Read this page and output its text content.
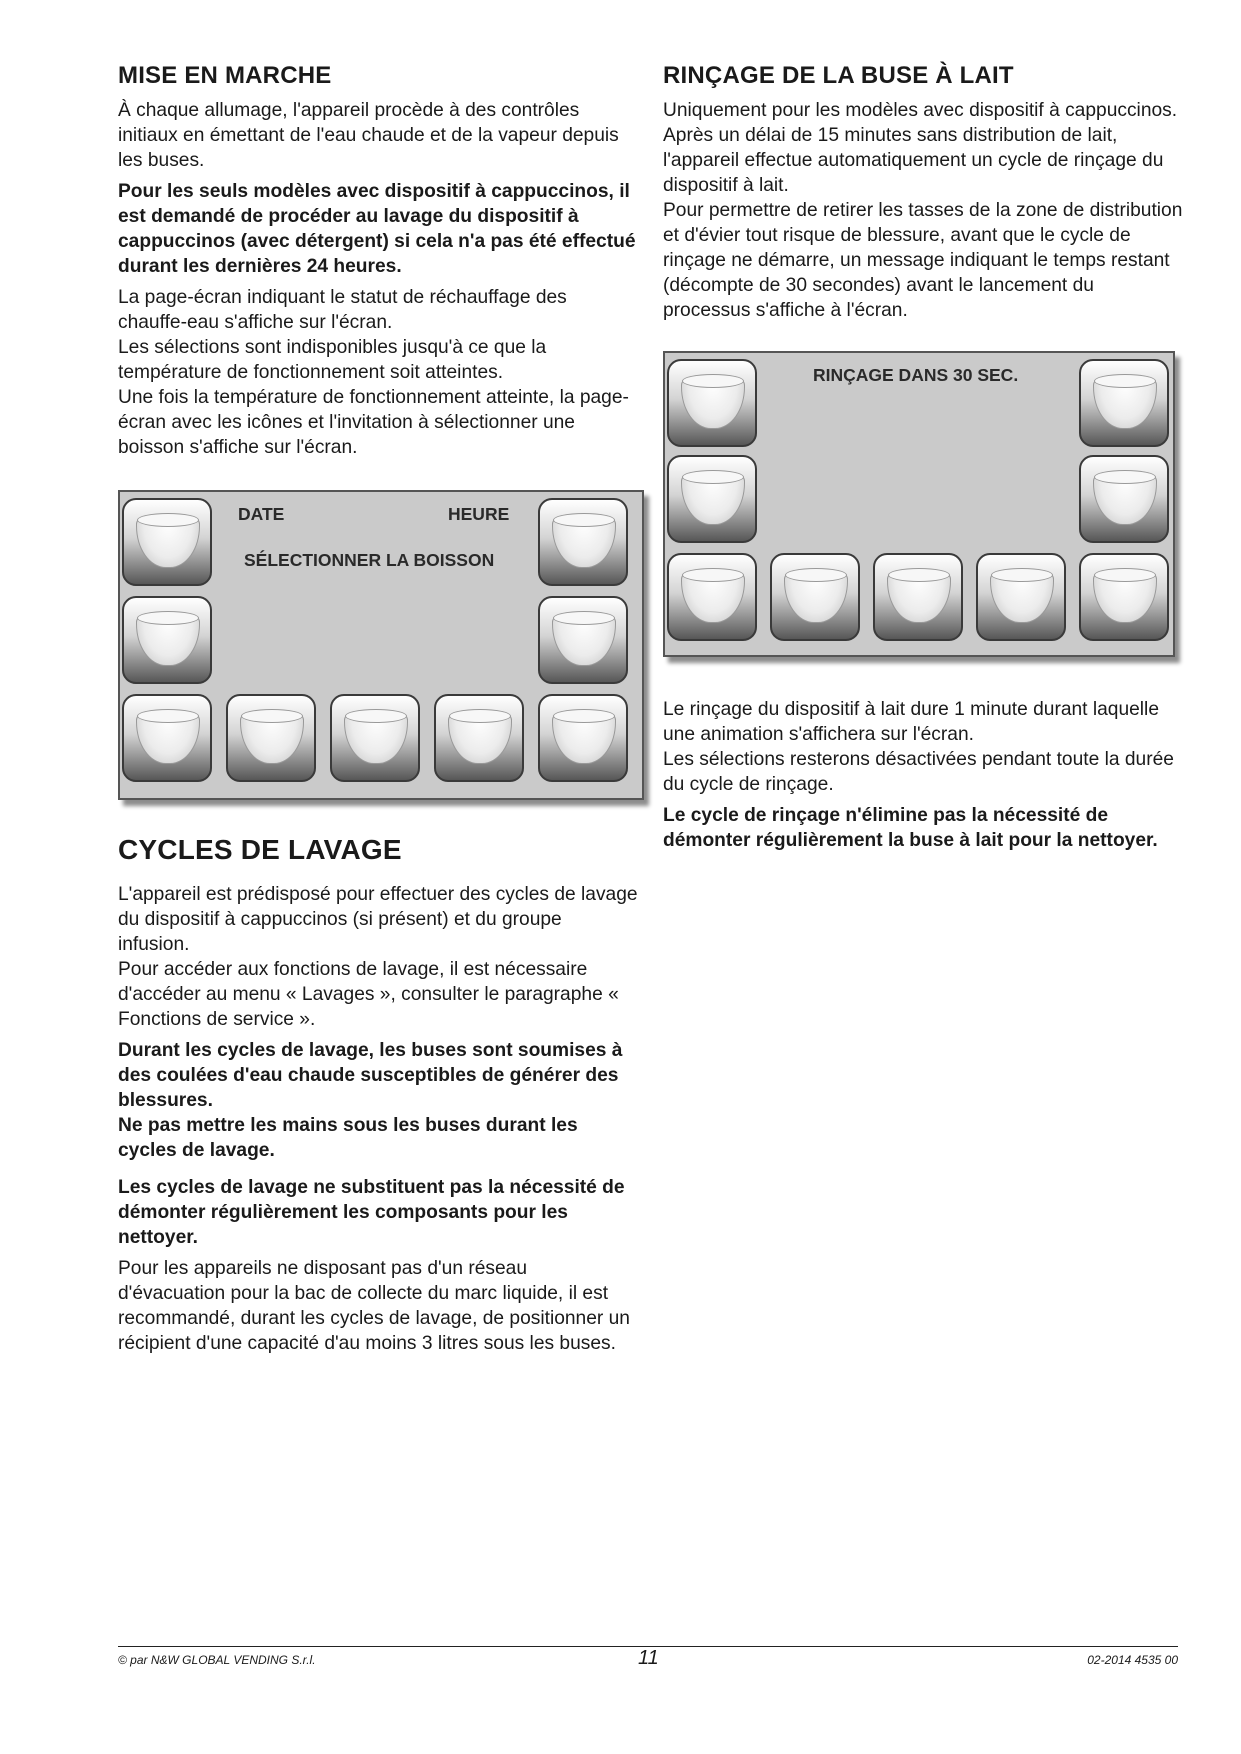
MISE EN MARCHE

À chaque allumage, l'appareil procède à des contrôles initiaux en émettant de l'eau chaude et de la vapeur depuis les buses.

Pour les seuls modèles avec dispositif à cappuccinos, il est demandé de procéder au lavage du dispositif à cappuccinos (avec détergent) si cela n'a pas été effectué durant les dernières 24 heures.

La page-écran indiquant le statut de réchauffage des chauffe-eau s'affiche sur l'écran.

Les sélections sont indisponibles jusqu'à ce que la température de fonctionnement soit atteintes.

Une fois la température de fonctionnement atteinte, la page-écran avec les icônes et l'invitation à sélectionner une boisson s'affiche sur l'écran.

DATE	HEURE
SÉLECTIONNER LA BOISSON
CYCLES DE LAVAGE

L'appareil est prédisposé pour effectuer des cycles de lavage du dispositif à cappuccinos (si présent) et du groupe infusion.

Pour accéder aux fonctions de lavage, il est nécessaire d'accéder au menu « Lavages », consulter le paragraphe « Fonctions de service ».

Durant les cycles de lavage, les buses sont soumises à des coulées d'eau chaude susceptibles de générer des blessures.

Ne pas mettre les mains sous les buses durant les cycles de lavage.

Les cycles de lavage ne substituent pas la nécessité de démonter régulièrement les composants pour les nettoyer.

Pour les appareils ne disposant pas d'un réseau d'évacuation pour la bac de collecte du marc liquide, il est recommandé, durant les cycles de lavage, de positionner un récipient d'une capacité d'au moins 3 litres sous les buses.

RINÇAGE DE LA BUSE À LAIT

Uniquement pour les modèles avec dispositif à cappuccinos.

Après un délai de 15 minutes sans distribution de lait, l'appareil effectue automatiquement un cycle de rinçage du dispositif à lait.

Pour permettre de retirer les tasses de la zone de distribution et d'évier tout risque de blessure, avant que le cycle de rinçage ne démarre, un message indiquant le temps restant (décompte de 30 secondes) avant le lancement du processus s'affiche à l'écran.

RINÇAGE DANS 30 SEC.

Le rinçage du dispositif à lait dure 1 minute durant laquelle une animation s'affichera sur l'écran.

Les sélections resterons désactivées pendant toute la durée du cycle de rinçage.

Le cycle de rinçage n'élimine pas la nécessité de démonter régulièrement la buse à lait pour la nettoyer.

© par N&W GLOBAL VENDING S.r.l.	11	02-2014 4535 00
